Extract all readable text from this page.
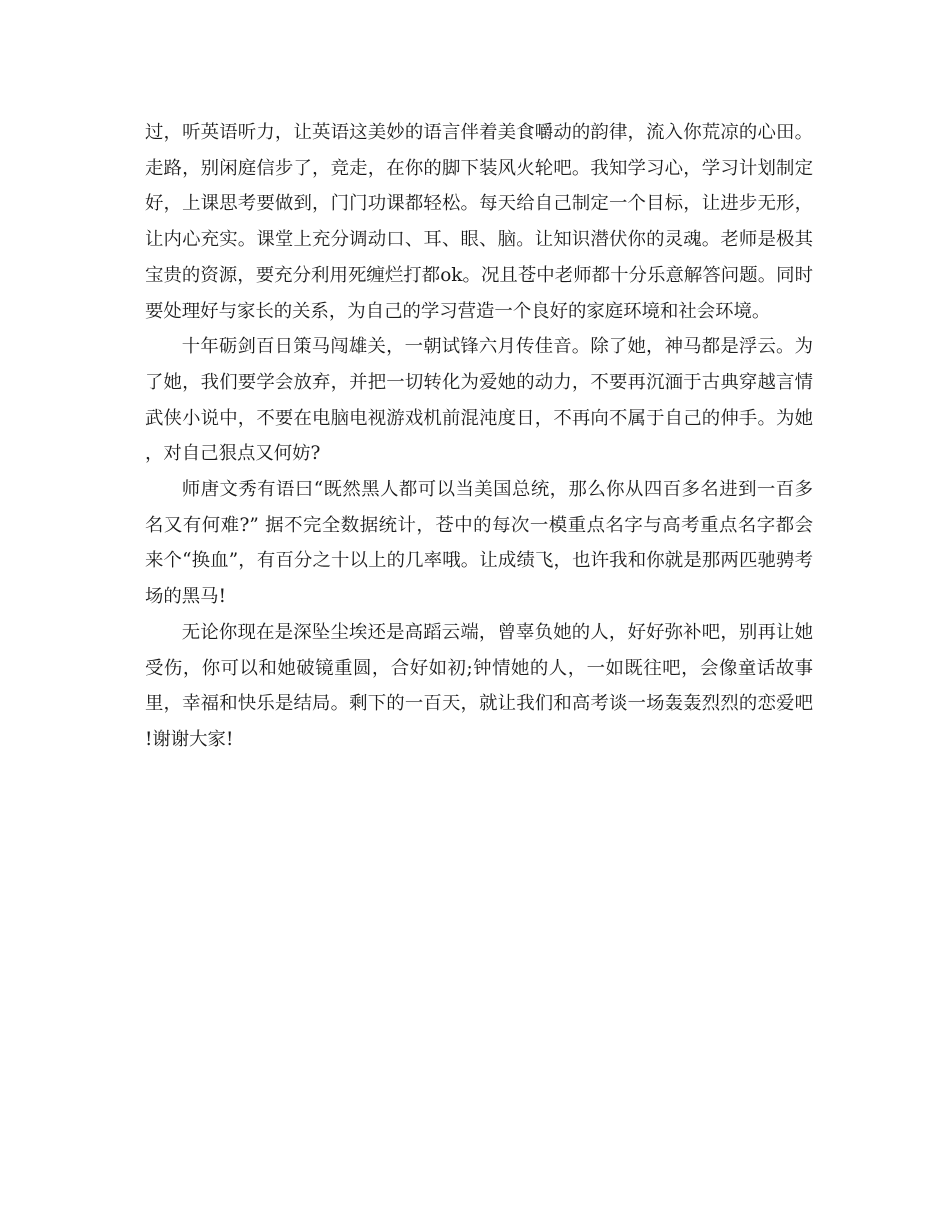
过，听英语听力，让英语这美妙的语言伴着美食嚼动的韵律，流入你荒凉的心田。走路，别闲庭信步了，竞走，在你的脚下装风火轮吧。我知学习心，学习计划制定好，上课思考要做到，门门功课都轻松。每天给自己制定一个目标，让进步无形，让内心充实。课堂上充分调动口、耳、眼、脑。让知识潜伏你的灵魂。老师是极其宝贵的资源，要充分利用死缠烂打都ok。况且苍中老师都十分乐意解答问题。同时要处理好与家长的关系，为自己的学习营造一个良好的家庭环境和社会环境。

十年砺剑百日策马闯雄关，一朝试锋六月传佳音。除了她，神马都是浮云。为了她，我们要学会放弃，并把一切转化为爱她的动力，不要再沉湎于古典穿越言情武侠小说中，不要在电脑电视游戏机前混沌度日，不再向不属于自己的伸手。为她，对自己狠点又何妨?

师唐文秀有语曰“既然黑人都可以当美国总统，那么你从四百多名进到一百多名又有何难?” 据不完全数据统计，苍中的每次一模重点名字与高考重点名字都会来个“换血”，有百分之十以上的几率哦。让成绩飞，也许我和你就是那两匹驰骋考场的黑马!

无论你现在是深坠尘埃还是高蹈云端，曾辜负她的人，好好弥补吧，别再让她受伤，你可以和她破镜重圆，合好如初;钟情她的人，一如既往吧，会像童话故事里，幸福和快乐是结局。剩下的一百天，就让我们和高考谈一场轰轰烈烈的恋爱吧!谢谢大家!
